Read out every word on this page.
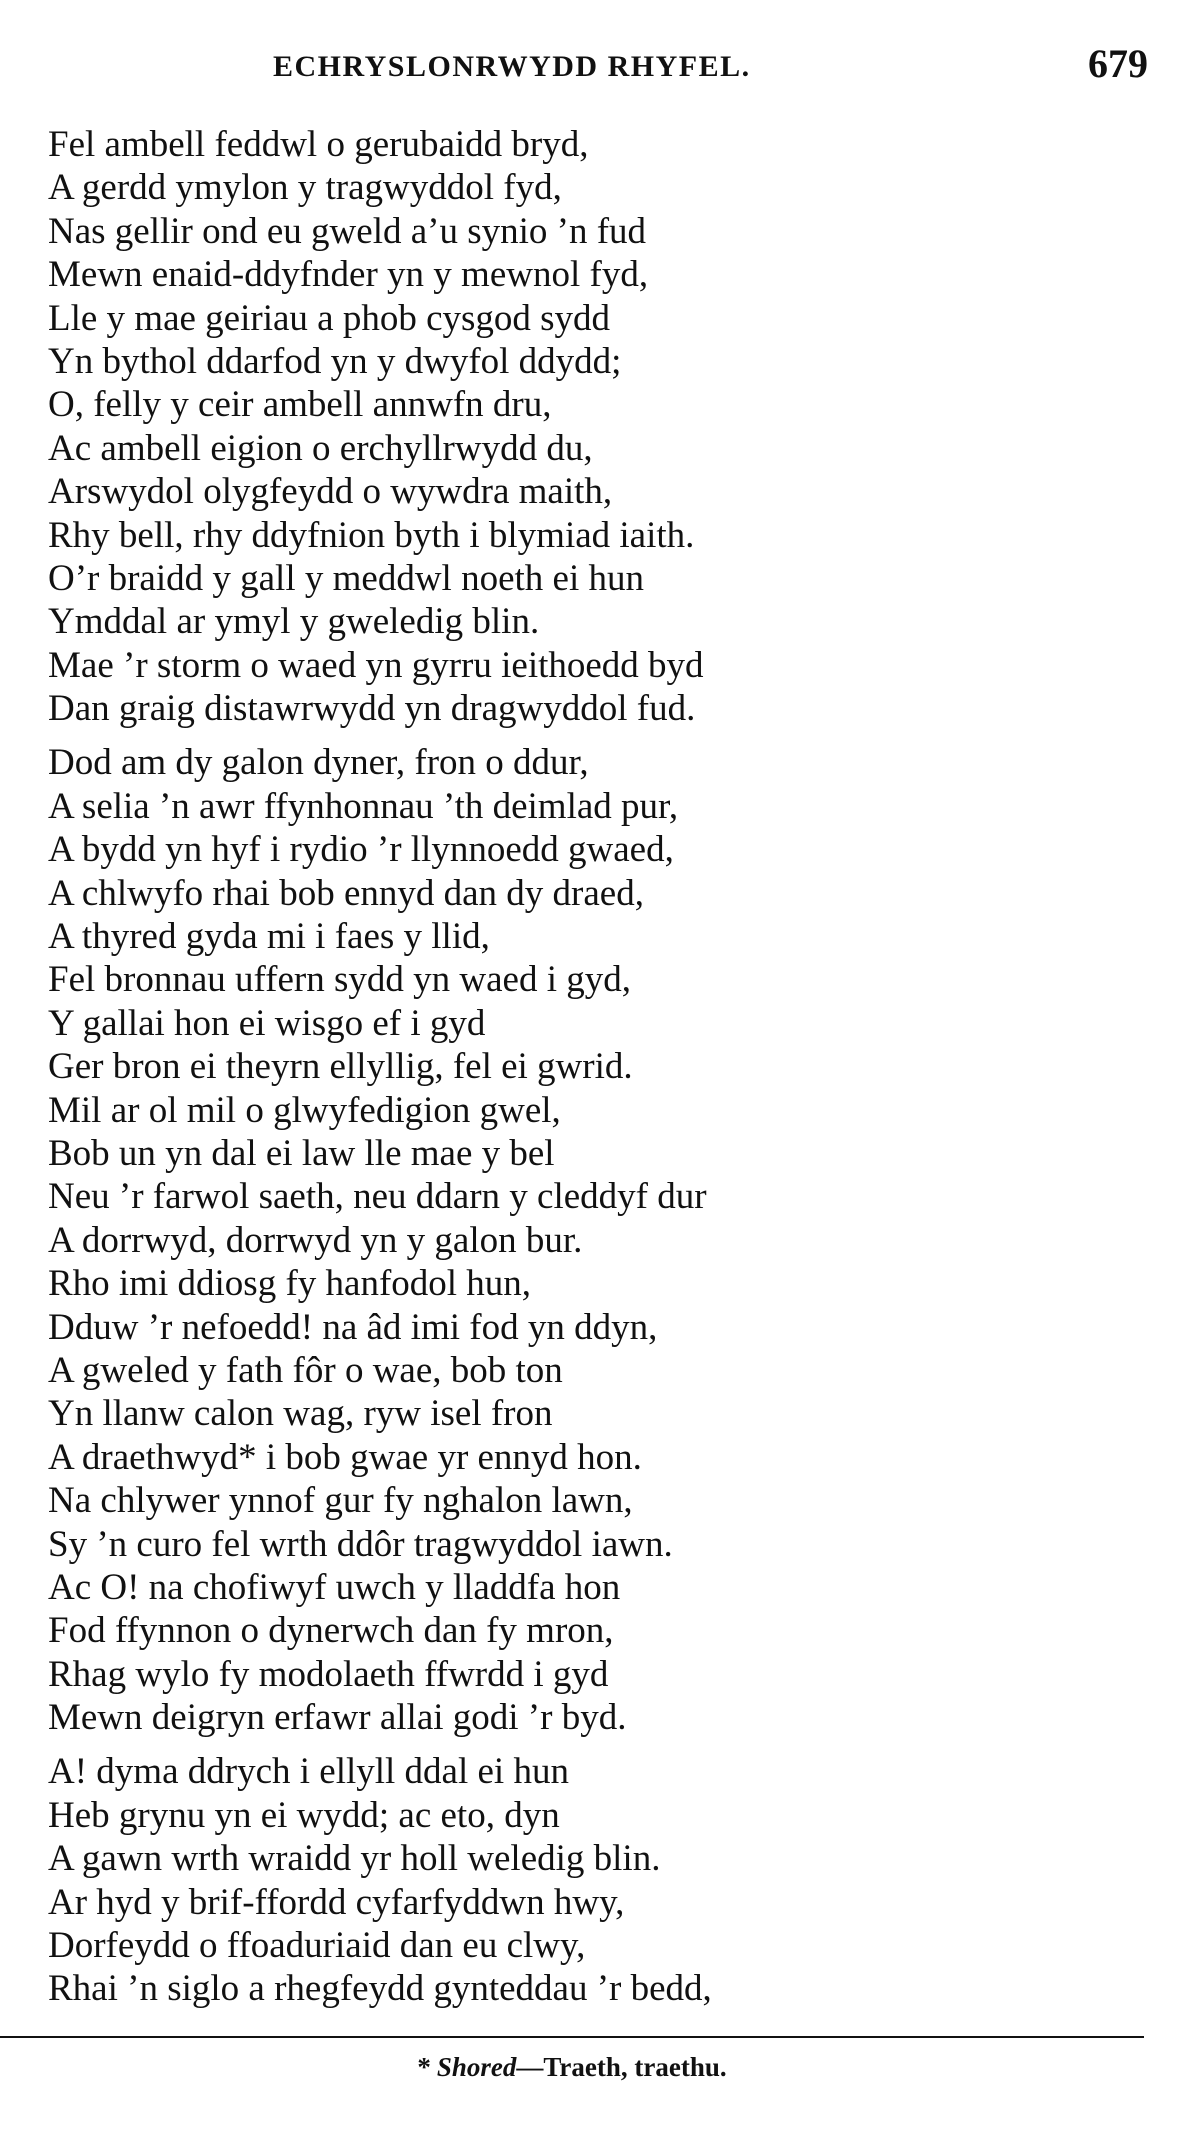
ECHRYSLONRWYDD RHYFEL.	679
Fel ambell feddwl o gerubaidd bryd,
A gerdd ymylon y tragwyddol fyd,
Nas gellir ond eu gweld a’u synio ’n fud
Mewn enaid-ddyfnder yn y mewnol fyd,
Lle y mae geiriau a phob cysgod sydd
Yn bythol ddarfod yn y dwyfol ddydd;
O, felly y ceir ambell annwfn dru,
Ac ambell eigion o erchyllrwydd du,
Arswydol olygfeydd o wywdra maith,
Rhy bell, rhy ddyfnion byth i blymiad iaith.
O’r braidd y gall y meddwl noeth ei hun
Ymddal ar ymyl y gweledig blin.
Mae ’r storm o waed yn gyrru ieithoedd byd
Dan graig distawrwydd yn dragwyddol fud.
Dod am dy galon dyner, fron o ddur,
A selia ’n awr ffynhonnau ’th deimlad pur,
A bydd yn hyf i rydio ’r llynnoedd gwaed,
A chlwyfo rhai bob ennyd dan dy draed,
A thyred gyda mi i faes y llid,
Fel bronnau uffern sydd yn waed i gyd,
Y gallai hon ei wisgo ef i gyd
Ger bron ei theyrn ellyllig, fel ei gwrid.
Mil ar ol mil o glwyfedigion gwel,
Bob un yn dal ei law lle mae y bel
Neu ’r farwol saeth, neu ddarn y cleddyf dur
A dorrwyd, dorrwyd yn y galon bur.
Rho imi ddiosg fy hanfodol hun,
Dduw ’r nefoedd! na âd imi fod yn ddyn,
A gweled y fath fôr o wae, bob ton
Yn llanw calon wag, ryw isel fron
A draethwyd* i bob gwae yr ennyd hon.
Na chlywer ynnof gur fy nghalon lawn,
Sy ’n curo fel wrth ddôr tragwyddol iawn.
Ac O! na chofiwyf uwch y lladdfa hon
Fod ffynnon o dynerwch dan fy mron,
Rhag wylo fy modolaeth ffwrdd i gyd
Mewn deigryn erfawr allai godi ’r byd.
A! dyma ddrych i ellyll ddal ei hun
Heb grynu yn ei wydd; ac eto, dyn
A gawn wrth wraidd yr holl weledig blin.
Ar hyd y brif-ffordd cyfarfyddwn hwy,
Dorfeydd o ffoaduriaid dan eu clwy,
Rhai ’n siglo a rhegfeydd gynteddau ’r bedd,
* Shored—Traeth, traethu.
